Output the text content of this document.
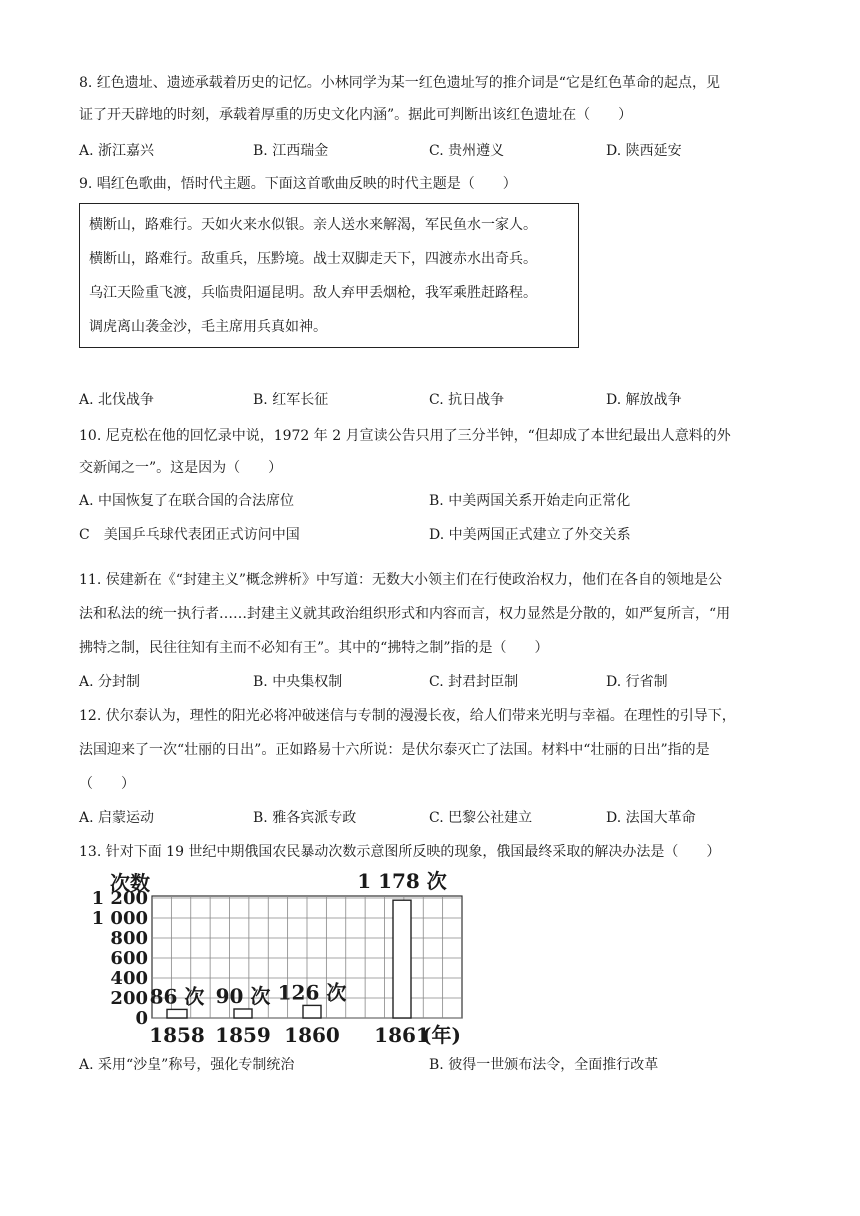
8. 红色遗址、遗迹承载着历史的记忆。小林同学为某一红色遗址写的推介词是“它是红色革命的起点，见
证了开天辟地的时刻，承载着厚重的历史文化内涵”。据此可判断出该红色遗址在（　　）
A. 浙江嘉兴	B. 江西瑞金	C. 贵州遵义	D. 陕西延安
9. 唱红色歌曲，悟时代主题。下面这首歌曲反映的时代主题是（　　）
横断山，路难行。天如火来水似银。亲人送水来解渴，军民鱼水一家人。
横断山，路难行。敌重兵，压黔境。战士双脚走天下，四渡赤水出奇兵。
乌江天险重飞渡，兵临贵阳逼昆明。敌人弃甲丢烟枪，我军乘胜赶路程。
调虎离山袭金沙，毛主席用兵真如神。
A. 北伐战争	B. 红军长征	C. 抗日战争	D. 解放战争
10. 尼克松在他的回忆录中说，1972 年 2 月宣读公告只用了三分半钟，“但却成了本世纪最出人意料的外
交新闻之一”。这是因为（　　）
A. 中国恢复了在联合国的合法席位	B. 中美两国关系开始走向正常化
C　美国乒乓球代表团正式访问中国	D. 中美两国正式建立了外交关系
11. 侯建新在《“封建主义”概念辨析》中写道：无数大小领主们在行使政治权力，他们在各自的领地是公
法和私法的统一执行者……封建主义就其政治组织形式和内容而言，权力显然是分散的，如严复所言，“用
拂特之制，民往往知有主而不必知有王”。其中的“拂特之制”指的是（　　）
A. 分封制	B. 中央集权制	C. 封君封臣制	D. 行省制
12. 伏尔泰认为，理性的阳光必将冲破迷信与专制的漫漫长夜，给人们带来光明与幸福。在理性的引导下，
法国迎来了一次“壮丽的日出”。正如路易十六所说：是伏尔泰灭亡了法国。材料中“壮丽的日出”指的是
（　　）
A. 启蒙运动	B. 雅各宾派专政	C. 巴黎公社建立	D. 法国大革命
13. 针对下面 19 世纪中期俄国农民暴动次数示意图所反映的现象，俄国最终采取的解决办法是（　　）
次数
0
200
400
600
800
1 000
1 200
86 次 90 次 126 次
1 178 次
1858 1859 1860 1861
(年)
A. 采用“沙皇”称号，强化专制统治	B. 彼得一世颁布法令，全面推行改革
